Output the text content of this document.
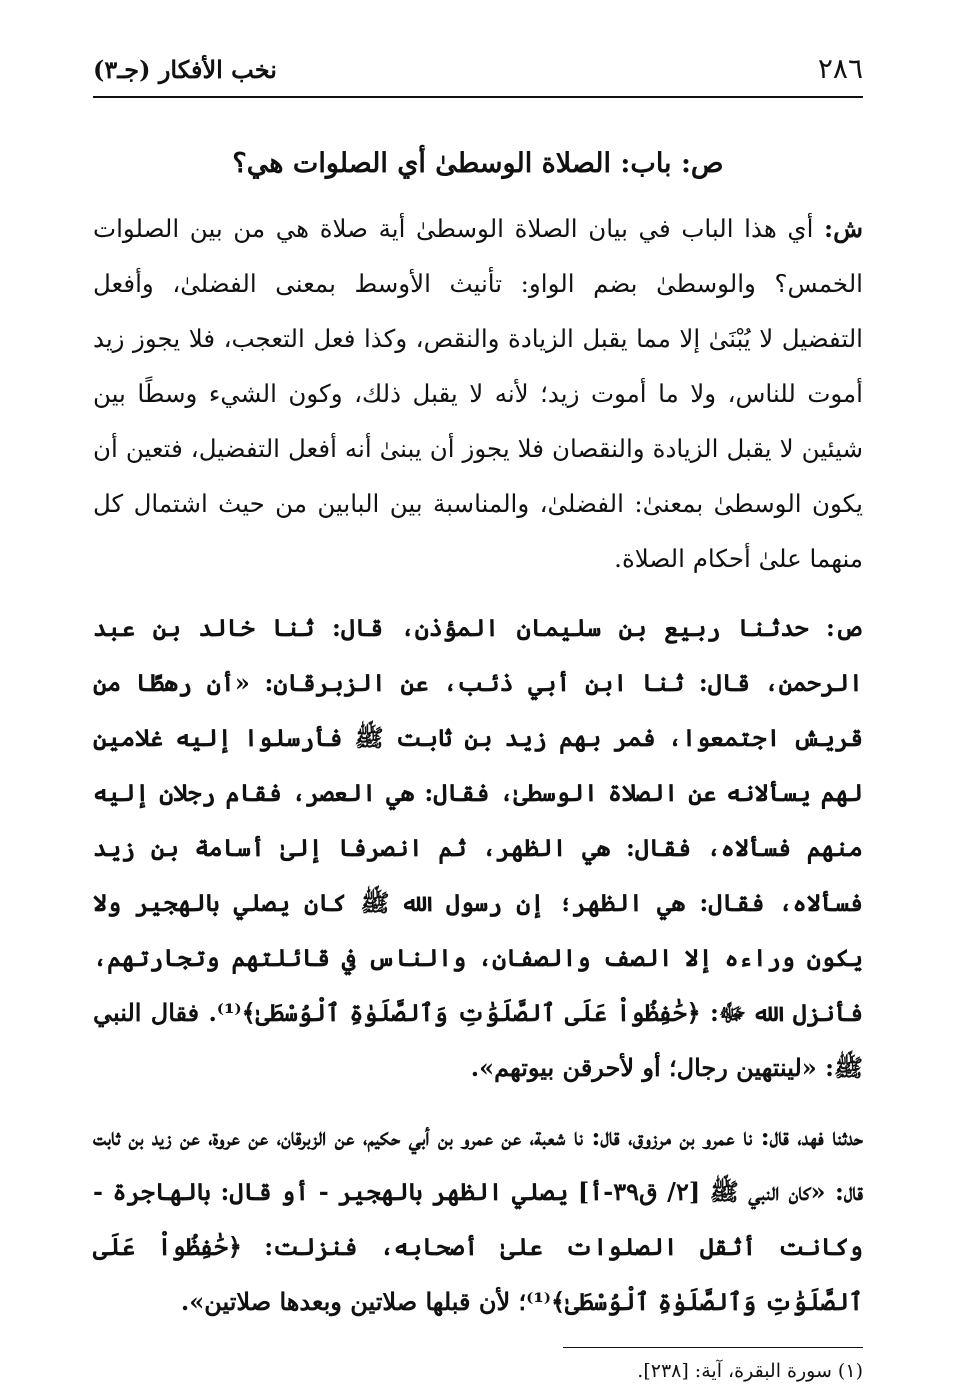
٢٨٦
نخب الأفكار (جـ٣)
ص: باب: الصلاة الوسطىٰ أي الصلوات هي؟

ش: أي هذا الباب في بيان الصلاة الوسطىٰ أية صلاة هي من بين الصلوات الخمس؟ والوسطىٰ بضم الواو: تأنيث الأوسط بمعنى الفضلىٰ، وأفعل التفضيل لا يُبْنَىٰ إلا مما يقبل الزيادة والنقص، وكذا فعل التعجب، فلا يجوز زيد أموت للناس، ولا ما أموت زيد؛ لأنه لا يقبل ذلك، وكون الشيء وسطًا بين شيئين لا يقبل الزيادة والنقصان فلا يجوز أن يبنىٰ أنه أفعل التفضيل، فتعين أن يكون الوسطىٰ بمعنىٰ: الفضلىٰ، والمناسبة بين البابين من حيث اشتمال كل منهما علىٰ أحكام الصلاة.

ص: حدثنا ربيع بن سليمان المؤذن، قال: ثنا خالد بن عبد الرحمن، قال: ثنا ابن أبي ذئب، عن الزبرقان: «أن رهطًا من قريش اجتمعوا، فمر بهم زيد بن ثابت ﷺ فأرسلوا إليه غلامين لهم يسألانه عن الصلاة الوسطىٰ، فقال: هي العصر، فقام رجلان إليه منهم فسألاه، فقال: هي الظهر، ثم انصرفا إلىٰ أسامة بن زيد فسألاه، فقال: هي الظهر؛ إن رسول الله ﷺ كان يصلي بالهجير ولا يكون وراءه إلا الصف والصفان، والناس في قائلتهم وتجارتهم، فأنزل الله ﷻ: ﴿حَٰفِظُواْ عَلَى ٱلصَّلَوَٰتِ وَٱلصَّلَوٰةِ ٱلْوُسْطَىٰ﴾⁽¹⁾. فقال النبي ﷺ: «لينتهين رجال؛ أو لأحرقن بيوتهم».

حدثنا فهد، قال: نا عمرو بن مرزوق، قال: نا شعبة، عن عمرو بن أبي حكيم، عن الزبرقان، عن عروة، عن زيد بن ثابت قال: «كان النبي ﷺ [٢/ ق٣٩-أ] يصلي الظهر بالهجير - أو قال: بالهاجرة - وكانت أثقل الصلوات علىٰ أصحابه، فنزلت: ﴿حَٰفِظُواْ عَلَى ٱلصَّلَوَٰتِ وَٱلصَّلَوٰةِ ٱلْوُسْطَىٰ﴾⁽¹⁾؛ لأن قبلها صلاتين وبعدها صلاتين».

(١) سورة البقرة، آية: [٢٣٨].
